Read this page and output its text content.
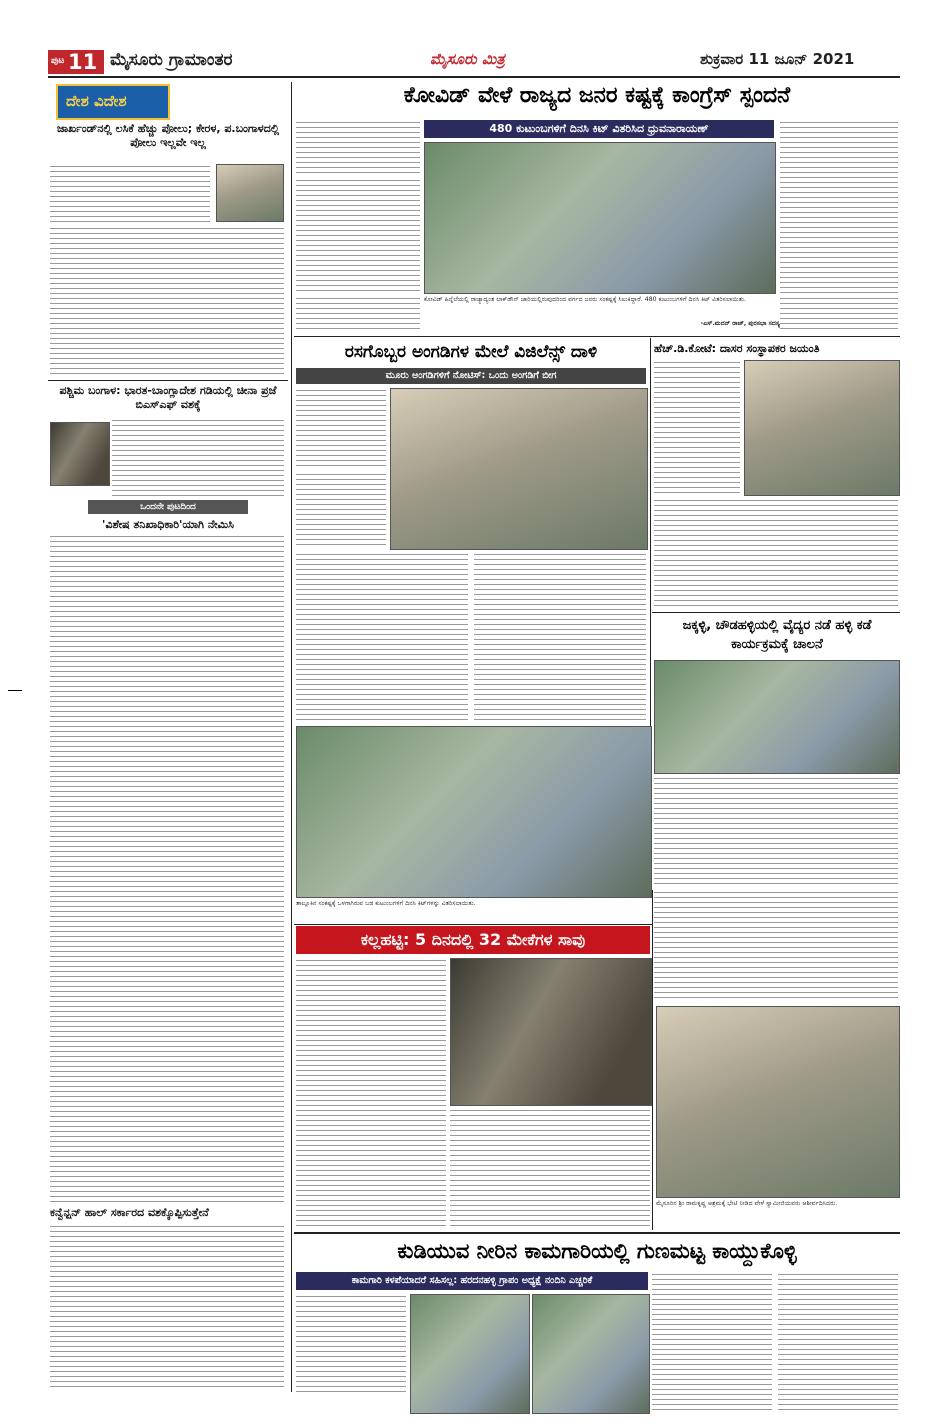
ಪುಟ 11 ಮೈಸೂರು ಗ್ರಾಮಾಂತರ	ಮೈಸೂರು ಮಿತ್ರ	ಶುಕ್ರವಾರ 11 ಜೂನ್ 2021
ದೇಶ ವಿದೇಶ
ಜಾರ್ಖಂಡ್‌ನಲ್ಲಿ ಲಸಿಕೆ ಹೆಚ್ಚು ಪೋಲು; ಕೇರಳ, ಪ.ಬಂಗಾಳದಲ್ಲಿ ಪೋಲು ಇಲ್ಲವೇ ಇಲ್ಲ
ಪಶ್ಚಿಮ ಬಂಗಾಳ: ಭಾರತ-ಬಾಂಗ್ಲಾದೇಶ ಗಡಿಯಲ್ಲಿ ಚೀನಾ ಪ್ರಜೆ ಬಿಎಸ್‌ಎಫ್ ವಶಕ್ಕೆ
ಒಂದನೇ ಪುಟದಿಂದ
'ವಿಶೇಷ ತನಿಖಾಧಿಕಾರಿ'ಯಾಗಿ ನೇಮಿಸಿ
ಕನ್ವೆನ್ಷನ್ ಹಾಲ್ ಸರ್ಕಾರದ ವಶಕ್ಕೊಪ್ಪಿಸುತ್ತೇನೆ
ಕೋವಿಡ್ ವೇಳೆ ರಾಜ್ಯದ ಜನರ ಕಷ್ಟಕ್ಕೆ ಕಾಂಗ್ರೆಸ್ ಸ್ಪಂದನೆ
480 ಕುಟುಂಬಗಳಿಗೆ ದಿನಸಿ ಕಿಟ್ ವಿತರಿಸಿದ ಧ್ರುವನಾರಾಯಣ್
ಕೋವಿಡ್ ಹಿನ್ನೆಲೆಯಲ್ಲಿ ರಾಜ್ಯಾದ್ಯಂತ ಲಾಕ್‌ಡೌನ್ ಜಾರಿಯಲ್ಲಿರುವುದರಿಂದ ವರ್ಗದ ಜನರು ಸಂಕಷ್ಟಕ್ಕೆ ಸಿಲುಕಿದ್ದಾರೆ. 480 ಕುಟುಂಬಗಳಿಗೆ ದಿನಸಿ ಕಿಟ್ ವಿತರಿಸಲಾಯಿತು.
-ಎಸ್.ಮದನ್ ರಾಜ್, ಪುರಸಭಾ ಸದಸ್ಯ
ರಸಗೊಬ್ಬರ ಅಂಗಡಿಗಳ ಮೇಲೆ ವಿಜಿಲೆನ್ಸ್ ದಾಳಿ
ಮೂರು ಅಂಗಡಿಗಳಿಗೆ ನೋಟಿಸ್: ಒಂದು ಅಂಗಡಿಗೆ ಬೀಗ
ಹೆಚ್.ಡಿ.ಕೋಟೆ: ದಾಸರ ಸಂಸ್ಥಾಪಕರ ಜಯಂತಿ
ಜಕ್ಕಳ್ಳಿ, ಚೌಡಹಳ್ಳಿಯಲ್ಲಿ ವೈದ್ಯರ ನಡೆ ಹಳ್ಳಿ ಕಡೆ ಕಾರ್ಯಕ್ರಮಕ್ಕೆ ಚಾಲನೆ
ತಾಲ್ಲೂಕಿನ ಸಂಕಷ್ಟಕ್ಕೆ ಒಳಗಾಗಿರುವ ಬಡ ಕುಟುಂಬಗಳಿಗೆ ದಿನಸಿ ಕಿಟ್‌ಗಳನ್ನು ವಿತರಿಸಲಾಯಿತು.
ಕಲ್ಲಹಟ್ಟಿ: 5 ದಿನದಲ್ಲಿ 32 ಮೇಕೆಗಳ ಸಾವು
ಮೈಸೂರಿನ ಶ್ರೀ ರಾಮಕೃಷ್ಣ ಆಶ್ರಮಕ್ಕೆ ಭೇಟಿ ನೀಡಿದ ವೇಳೆ ಸ್ವಾಮೀಜಿಯವರು ಆಶೀರ್ವದಿಸಿದರು.
ಕುಡಿಯುವ ನೀರಿನ ಕಾಮಗಾರಿಯಲ್ಲಿ ಗುಣಮಟ್ಟ ಕಾಯ್ದುಕೊಳ್ಳಿ
ಕಾಮಗಾರಿ ಕಳಪೆಯಾದರೆ ಸಹಿಸಲ್ಲ: ಹರದನಹಳ್ಳಿ ಗ್ರಾಪಂ ಅಧ್ಯಕ್ಷೆ ನಂದಿನಿ ಎಚ್ಚರಿಕೆ
